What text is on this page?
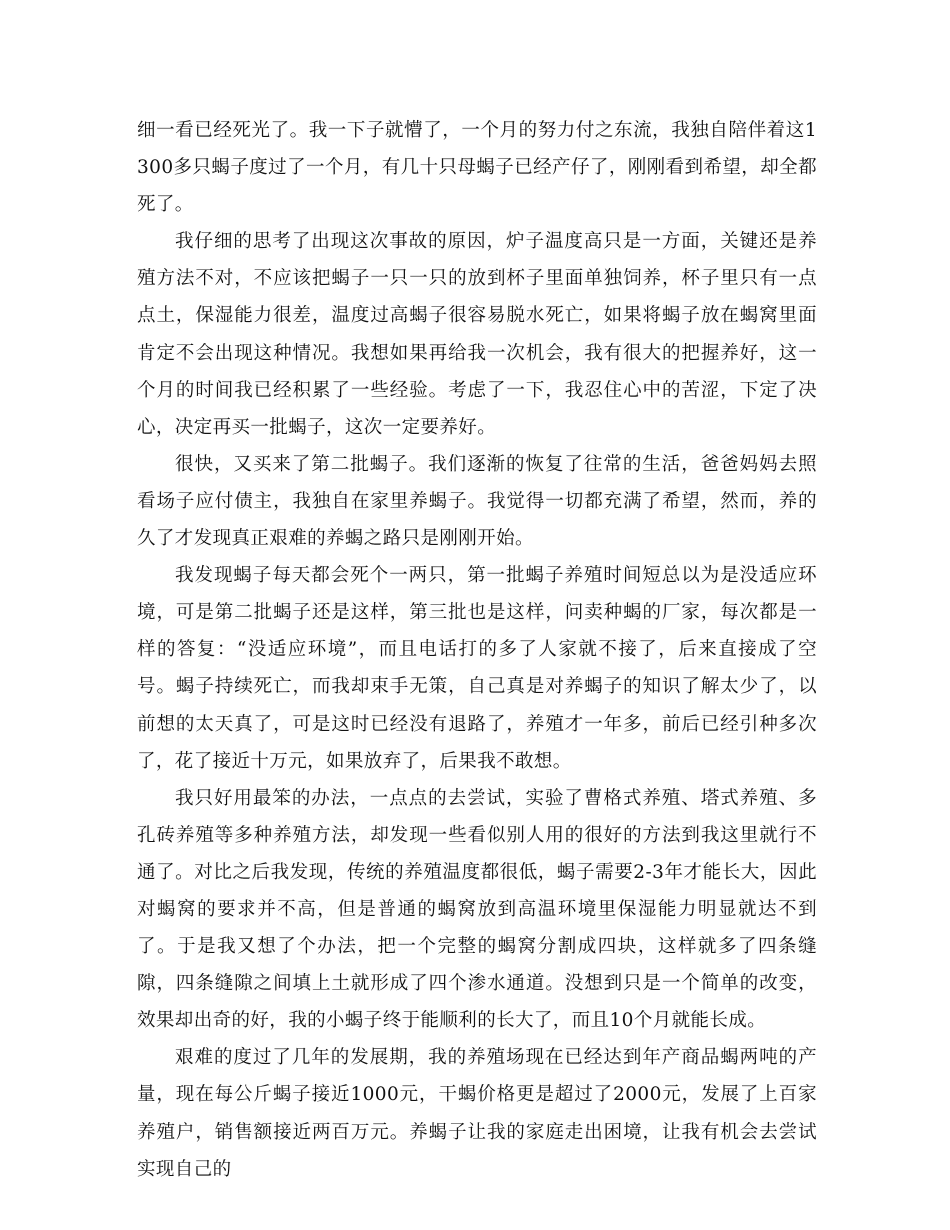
细一看已经死光了。我一下子就懵了，一个月的努力付之东流，我独自陪伴着这1300多只蝎子度过了一个月，有几十只母蝎子已经产仔了，刚刚看到希望，却全都死了。

我仔细的思考了出现这次事故的原因，炉子温度高只是一方面，关键还是养殖方法不对，不应该把蝎子一只一只的放到杯子里面单独饲养，杯子里只有一点点土，保湿能力很差，温度过高蝎子很容易脱水死亡，如果将蝎子放在蝎窝里面肯定不会出现这种情况。我想如果再给我一次机会，我有很大的把握养好，这一个月的时间我已经积累了一些经验。考虑了一下，我忍住心中的苦涩，下定了决心，决定再买一批蝎子，这次一定要养好。

很快，又买来了第二批蝎子。我们逐渐的恢复了往常的生活，爸爸妈妈去照看场子应付债主，我独自在家里养蝎子。我觉得一切都充满了希望，然而，养的久了才发现真正艰难的养蝎之路只是刚刚开始。

我发现蝎子每天都会死个一两只，第一批蝎子养殖时间短总以为是没适应环境，可是第二批蝎子还是这样，第三批也是这样，问卖种蝎的厂家，每次都是一样的答复：“没适应环境”，而且电话打的多了人家就不接了，后来直接成了空号。蝎子持续死亡，而我却束手无策，自己真是对养蝎子的知识了解太少了，以前想的太天真了，可是这时已经没有退路了，养殖才一年多，前后已经引种多次了，花了接近十万元，如果放弃了，后果我不敢想。

我只好用最笨的办法，一点点的去尝试，实验了曹格式养殖、塔式养殖、多孔砖养殖等多种养殖方法，却发现一些看似别人用的很好的方法到我这里就行不通了。对比之后我发现，传统的养殖温度都很低，蝎子需要2-3年才能长大，因此对蝎窝的要求并不高，但是普通的蝎窝放到高温环境里保湿能力明显就达不到了。于是我又想了个办法，把一个完整的蝎窝分割成四块，这样就多了四条缝隙，四条缝隙之间填上土就形成了四个渗水通道。没想到只是一个简单的改变，效果却出奇的好，我的小蝎子终于能顺利的长大了，而且10个月就能长成。

艰难的度过了几年的发展期，我的养殖场现在已经达到年产商品蝎两吨的产量，现在每公斤蝎子接近1000元，干蝎价格更是超过了2000元，发展了上百家养殖户，销售额接近两百万元。养蝎子让我的家庭走出困境，让我有机会去尝试实现自己的
